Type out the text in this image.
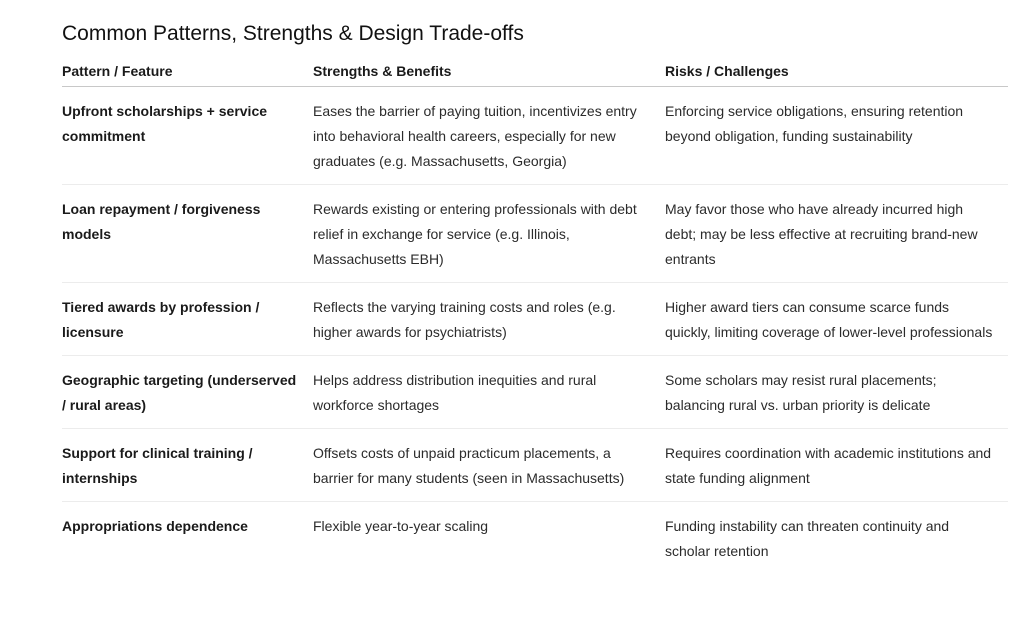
Common Patterns, Strengths & Design Trade-offs
Pattern / Feature	Strengths & Benefits	Risks / Challenges
Upfront scholarships + service commitment	Eases the barrier of paying tuition, incentivizes entry into behavioral health careers, especially for new graduates (e.g. Massachusetts, Georgia)	Enforcing service obligations, ensuring retention beyond obligation, funding sustainability
Loan repayment / forgiveness models	Rewards existing or entering professionals with debt relief in exchange for service (e.g. Illinois, Massachusetts EBH)	May favor those who have already incurred high debt; may be less effective at recruiting brand-new entrants
Tiered awards by profession / licensure	Reflects the varying training costs and roles (e.g. higher awards for psychiatrists)	Higher award tiers can consume scarce funds quickly, limiting coverage of lower-level professionals
Geographic targeting (underserved / rural areas)	Helps address distribution inequities and rural workforce shortages	Some scholars may resist rural placements; balancing rural vs. urban priority is delicate
Support for clinical training / internships	Offsets costs of unpaid practicum placements, a barrier for many students (seen in Massachusetts)	Requires coordination with academic institutions and state funding alignment
Appropriations dependence	Flexible year-to-year scaling	Funding instability can threaten continuity and scholar retention
